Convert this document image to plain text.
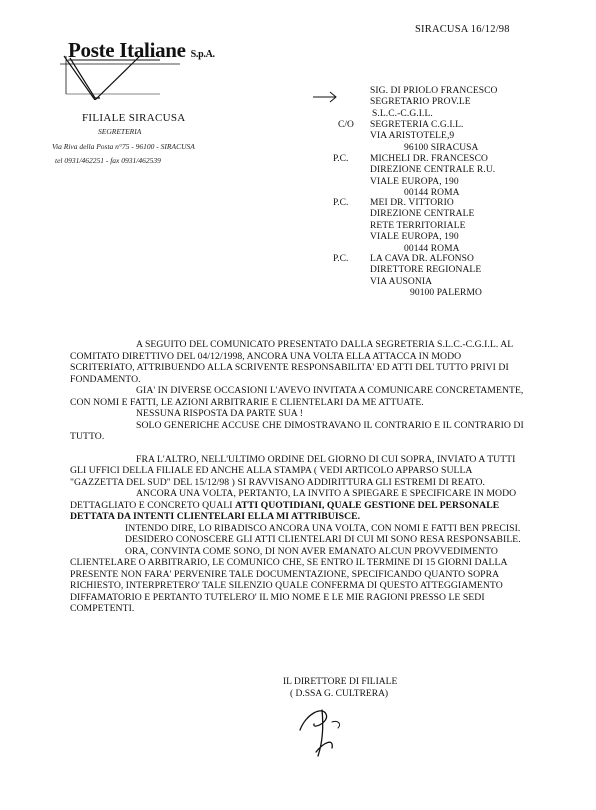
SIRACUSA 16/12/98
Poste Italiane S.p.A.
FILIALE SIRACUSA
SEGRETERIA
Via Riva della Posta n°75 - 96100 - SIRACUSA
tel 0931/462251 - fax 0931/462539
SIG. DI PRIOLO FRANCESCO
SEGRETARIO PROV.LE
S.L.C.-C.G.I.L.
C/O SEGRETERIA C.G.I.L.
VIA ARISTOTELE,9
96100 SIRACUSA
P.C. MICHELI DR. FRANCESCO
DIREZIONE CENTRALE R.U.
VIALE EUROPA, 190
00144 ROMA
P.C. MEI DR. VITTORIO
DIREZIONE CENTRALE
RETE TERRITORIALE
VIALE EUROPA, 190
00144 ROMA
P.C. LA CAVA DR. ALFONSO
DIRETTORE REGIONALE
VIA AUSONIA
90100 PALERMO

A SEGUITO DEL COMUNICATO PRESENTATO DALLA SEGRETERIA S.L.C.-C.G.I.L. AL COMITATO DIRETTIVO DEL 04/12/1998, ANCORA UNA VOLTA ELLA ATTACCA IN MODO SCRITERIATO, ATTRIBUENDO ALLA SCRIVENTE RESPONSABILITA' ED ATTI DEL TUTTO PRIVI DI FONDAMENTO.

GIA' IN DIVERSE OCCASIONI L'AVEVO INVITATA A COMUNICARE CONCRETAMENTE, CON NOMI E FATTI, LE AZIONI ARBITRARIE E CLIENTELARI DA ME ATTUATE.

NESSUNA RISPOSTA DA PARTE SUA !

SOLO GENERICHE ACCUSE CHE DIMOSTRAVANO IL CONTRARIO E IL CONTRARIO DI TUTTO.

FRA L'ALTRO, NELL'ULTIMO ORDINE DEL GIORNO DI CUI SOPRA, INVIATO A TUTTI GLI UFFICI DELLA FILIALE ED ANCHE ALLA STAMPA ( VEDI ARTICOLO APPARSO SULLA "GAZZETTA DEL SUD" DEL 15/12/98 ) SI RAVVISANO ADDIRITTURA GLI ESTREMI DI REATO.

ANCORA UNA VOLTA, PERTANTO, LA INVITO A SPIEGARE E SPECIFICARE IN MODO DETTAGLIATO E CONCRETO QUALI ATTI QUOTIDIANI, QUALE GESTIONE DEL PERSONALE DETTATA DA INTENTI CLIENTELARI ELLA MI ATTRIBUISCE.

INTENDO DIRE, LO RIBADISCO ANCORA UNA VOLTA, CON NOMI E FATTI BEN PRECISI.

DESIDERO CONOSCERE GLI ATTI CLIENTELARI DI CUI MI SONO RESA RESPONSABILE.

ORA, CONVINTA COME SONO, DI NON AVER EMANATO ALCUN PROVVEDIMENTO CLIENTELARE O ARBITRARIO, LE COMUNICO CHE, SE ENTRO IL TERMINE DI 15 GIORNI DALLA PRESENTE NON FARA' PERVENIRE TALE DOCUMENTAZIONE, SPECIFICANDO QUANTO SOPRA RICHIESTO, INTERPRETERO' TALE SILENZIO QUALE CONFERMA DI QUESTO ATTEGGIAMENTO DIFFAMATORIO E PERTANTO TUTELERO' IL MIO NOME E LE MIE RAGIONI PRESSO LE SEDI COMPETENTI.

IL DIRETTORE DI FILIALE
( D.SSA G. CULTRERA)
